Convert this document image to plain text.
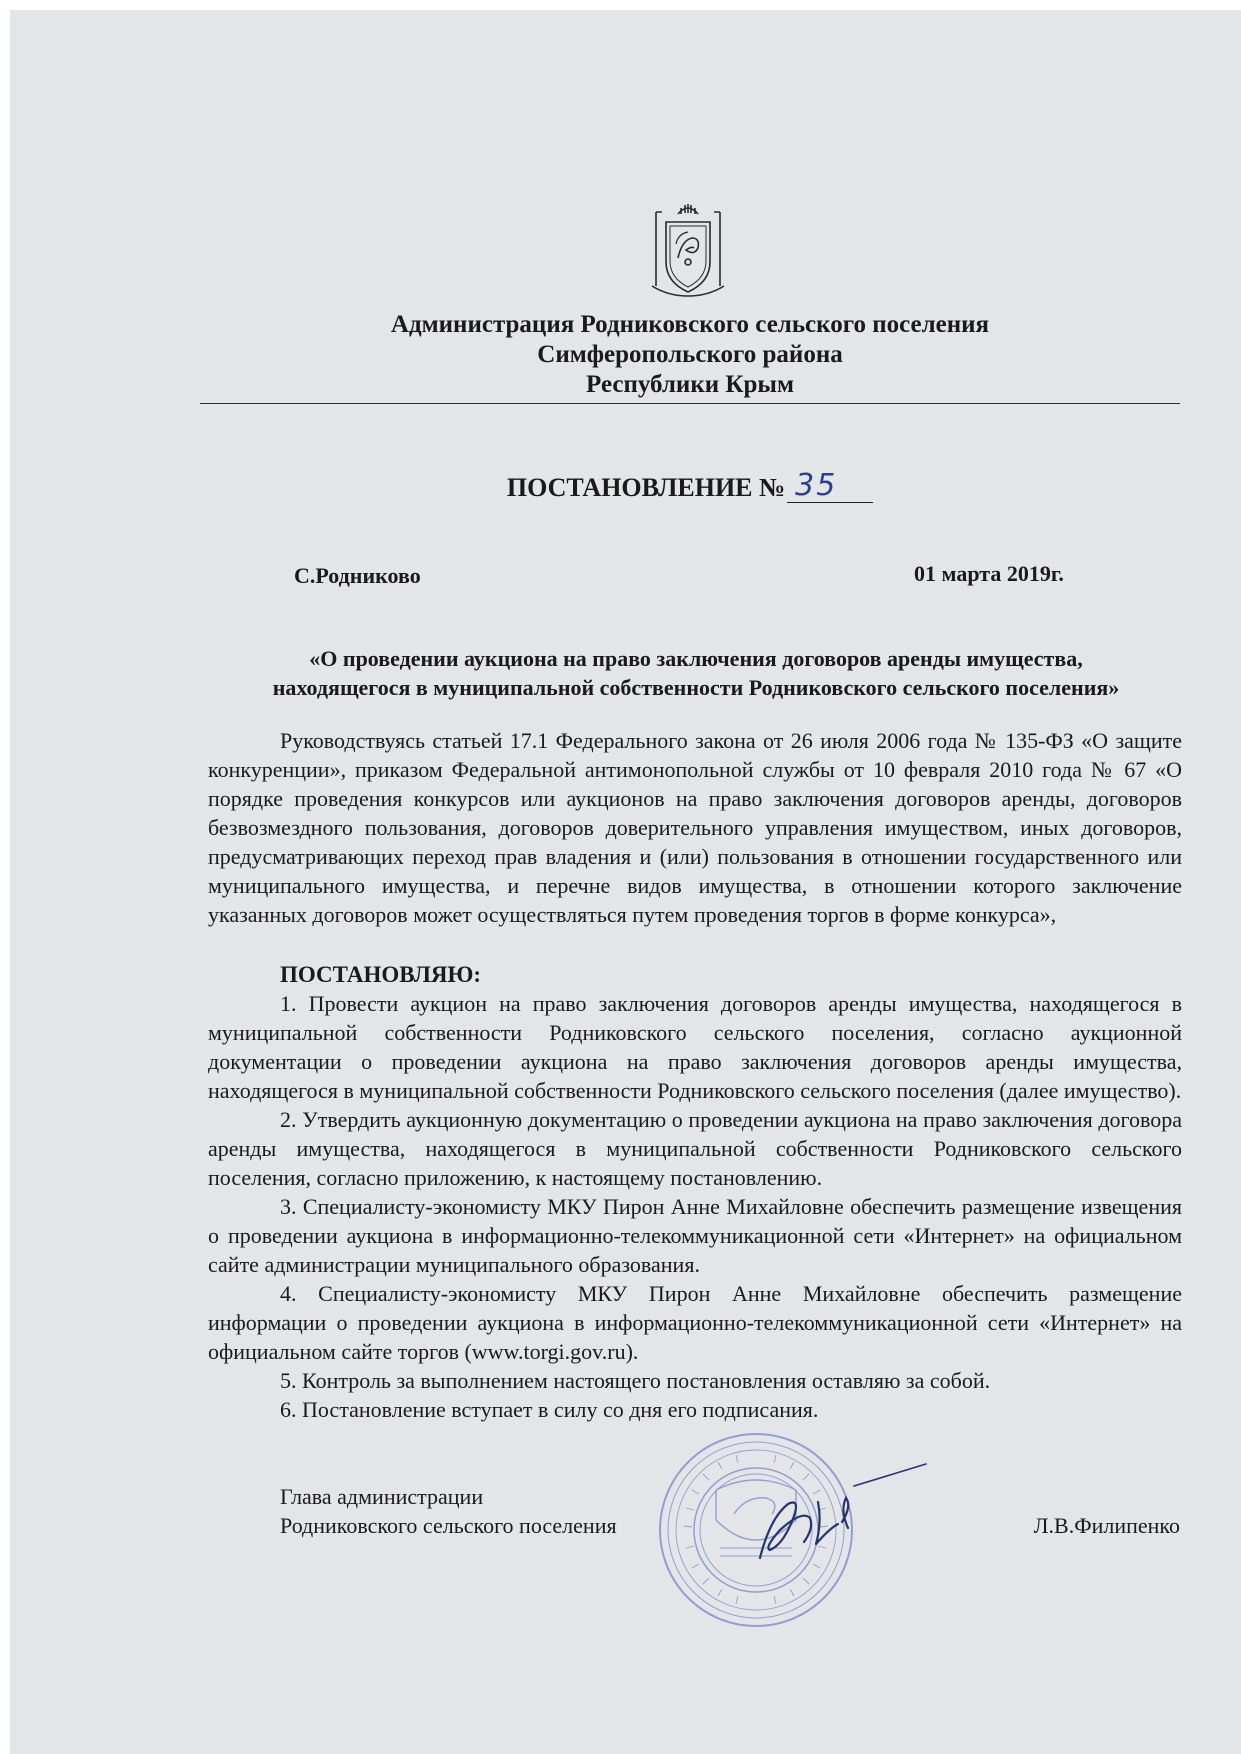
Администрация Родниковского сельского поселения
Симферопольского района
Республики Крым
ПОСТАНОВЛЕНИЕ № 35
С.Родниково	01 марта 2019г.
«О проведении аукциона на право заключения договоров аренды имущества,
находящегося в муниципальной собственности Родниковского сельского поселения»

Руководствуясь статьей 17.1 Федерального закона от 26 июля 2006 года № 135-ФЗ «О защите конкуренции», приказом Федеральной антимонопольной службы от 10 февраля 2010 года № 67 «О порядке проведения конкурсов или аукционов на право заключения договоров аренды, договоров безвозмездного пользования, договоров доверительного управления имуществом, иных договоров, предусматривающих переход прав владения и (или) пользования в отношении государственного или муниципального имущества, и перечне видов имущества, в отношении которого заключение указанных договоров может осуществляться путем проведения торгов в форме конкурса»,

ПОСТАНОВЛЯЮ:

1. Провести аукцион на право заключения договоров аренды имущества, находящегося в муниципальной собственности Родниковского сельского поселения, согласно аукционной документации о проведении аукциона на право заключения договоров аренды имущества, находящегося в муниципальной собственности Родниковского сельского поселения (далее имущество).

2. Утвердить аукционную документацию о проведении аукциона на право заключения договора аренды имущества, находящегося в муниципальной собственности Родниковского сельского поселения, согласно приложению, к настоящему постановлению.

3. Специалисту-экономисту МКУ Пирон Анне Михайловне обеспечить размещение извещения о проведении аукциона в информационно-телекоммуникационной сети «Интернет» на официальном сайте администрации муниципального образования.

4. Специалисту-экономисту МКУ Пирон Анне Михайловне обеспечить размещение информации о проведении аукциона в информационно-телекоммуникационной сети «Интернет» на официальном сайте торгов (www.torgi.gov.ru).

5. Контроль за выполнением настоящего постановления оставляю за собой.

6. Постановление вступает в силу со дня его подписания.

Глава администрации
Родниковского сельского поселения	Л.В.Филипенко
